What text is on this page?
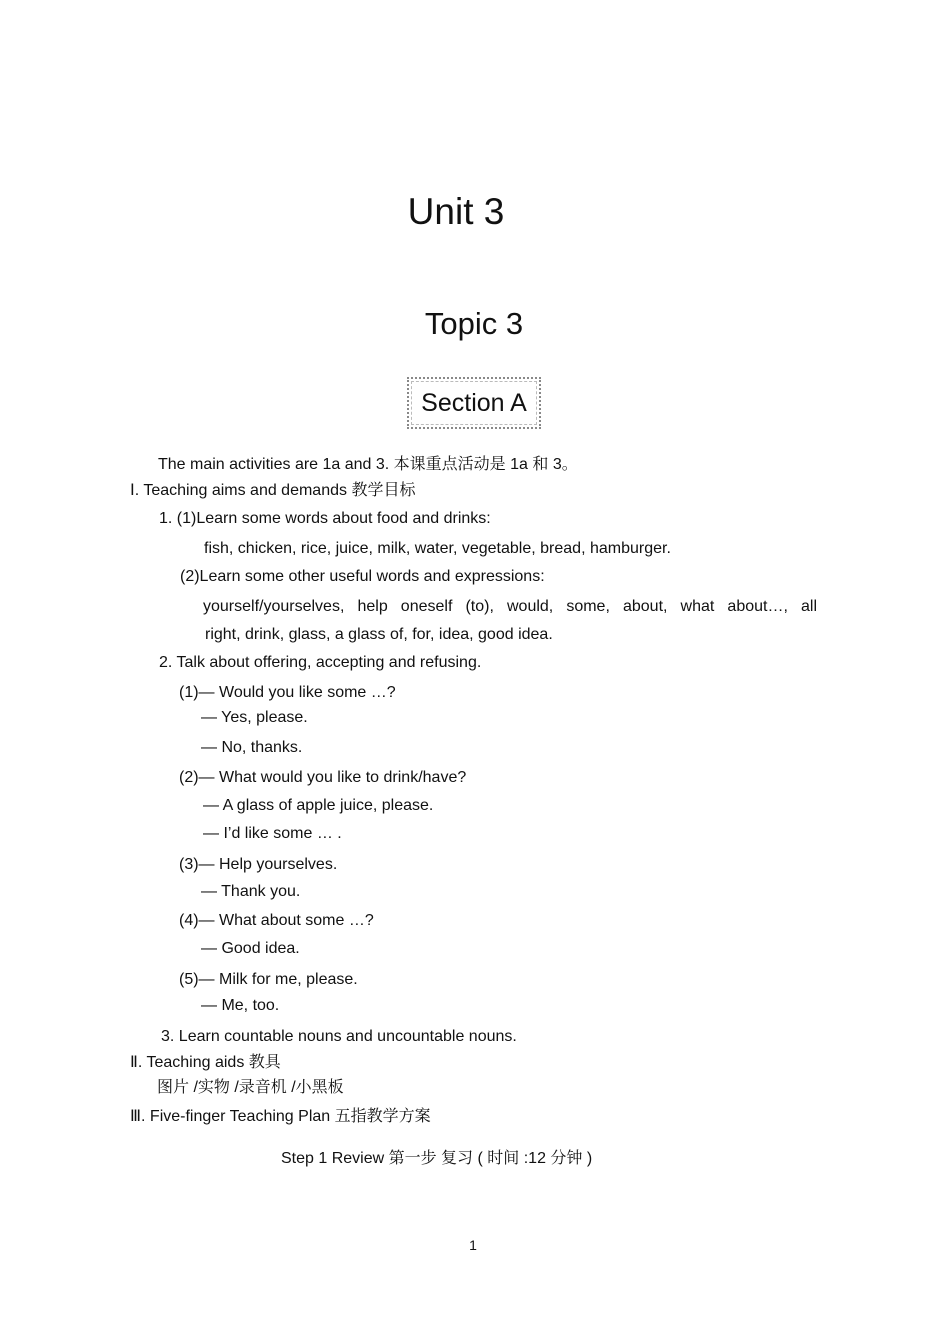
Unit 3
Topic 3
Section A
The main activities are 1a and 3. 本课重点活动是 1a 和 3。
Ⅰ. Teaching aims and demands 教学目标
1. (1)Learn some words about food and drinks:
fish, chicken, rice, juice, milk, water, vegetable, bread, hamburger.
(2)Learn some other useful words and expressions:
yourself/yourselves, help oneself (to), would, some, about, what about…, all
right, drink, glass, a glass of, for, idea, good idea.
2. Talk about offering, accepting and refusing.
(1)— Would you like some …?
— Yes, please.
— No, thanks.
(2)— What would you like to drink/have?
— A glass of apple juice, please.
— I’d like some … .
(3)— Help yourselves.
— Thank you.
(4)— What about some …?
— Good idea.
(5)— Milk for me, please.
— Me, too.
3. Learn countable nouns and uncountable nouns.
Ⅱ. Teaching aids 教具
图片 /实物 /录音机 /小黑板
Ⅲ. Five-finger Teaching Plan 五指教学方案
Step 1 Review 第一步 复习 ( 时间 :12 分钟 )
1
